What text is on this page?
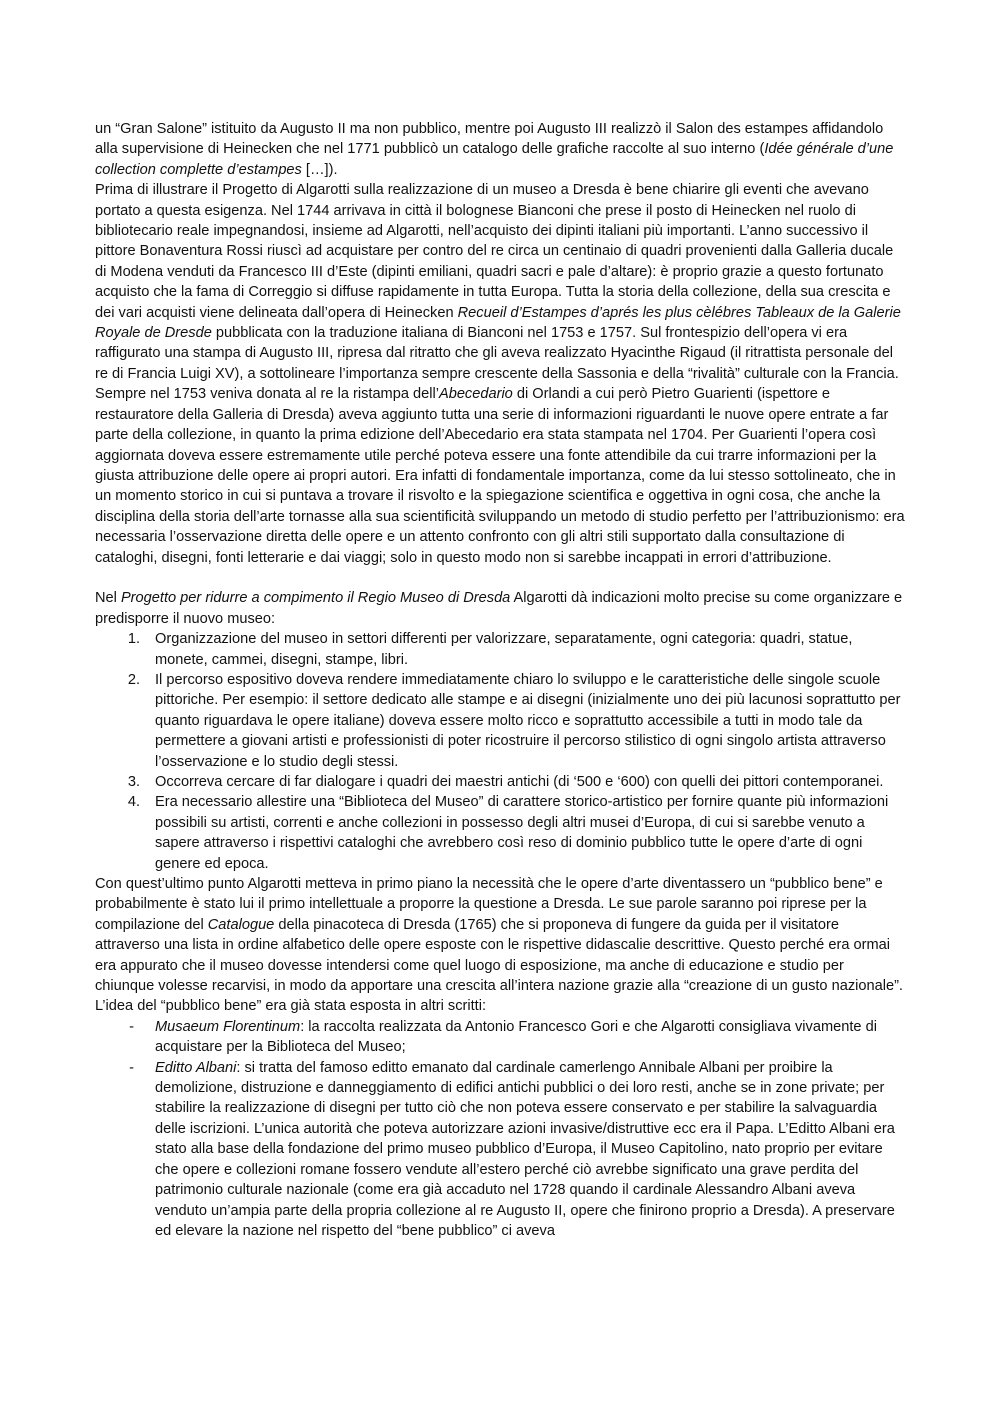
un “Gran Salone” istituito da Augusto II ma non pubblico, mentre poi Augusto III realizzò il Salon des estampes affidandolo alla supervisione di Heinecken che nel 1771 pubblicò un catalogo delle grafiche raccolte al suo interno (Idée générale d’une collection complette d’estampes […]).

Prima di illustrare il Progetto di Algarotti sulla realizzazione di un museo a Dresda è bene chiarire gli eventi che avevano portato a questa esigenza. Nel 1744 arrivava in città il bolognese Bianconi che prese il posto di Heinecken nel ruolo di bibliotecario reale impegnandosi, insieme ad Algarotti, nell’acquisto dei dipinti italiani più importanti. L’anno successivo il pittore Bonaventura Rossi riuscì ad acquistare per contro del re circa un centinaio di quadri provenienti dalla Galleria ducale di Modena venduti da Francesco III d’Este (dipinti emiliani, quadri sacri e pale d’altare): è proprio grazie a questo fortunato acquisto che la fama di Correggio si diffuse rapidamente in tutta Europa. Tutta la storia della collezione, della sua crescita e dei vari acquisti viene delineata dall’opera di Heinecken Recueil d’Estampes d’aprés les plus cèlébres Tableaux de la Galerie Royale de Dresde pubblicata con la traduzione italiana di Bianconi nel 1753 e 1757. Sul frontespizio dell’opera vi era raffigurato una stampa di Augusto III, ripresa dal ritratto che gli aveva realizzato Hyacinthe Rigaud (il ritrattista personale del re di Francia Luigi XV), a sottolineare l’importanza sempre crescente della Sassonia e della “rivalità” culturale con la Francia.

Sempre nel 1753 veniva donata al re la ristampa dell’Abecedario di Orlandi a cui però Pietro Guarienti (ispettore e restauratore della Galleria di Dresda) aveva aggiunto tutta una serie di informazioni riguardanti le nuove opere entrate a far parte della collezione, in quanto la prima edizione dell’Abecedario era stata stampata nel 1704. Per Guarienti l’opera così aggiornata doveva essere estremamente utile perché poteva essere una fonte attendibile da cui trarre informazioni per la giusta attribuzione delle opere ai propri autori. Era infatti di fondamentale importanza, come da lui stesso sottolineato, che in un momento storico in cui si puntava a trovare il risvolto e la spiegazione scientifica e oggettiva in ogni cosa, che anche la disciplina della storia dell’arte tornasse alla sua scientificità sviluppando un metodo di studio perfetto per l’attribuzionismo: era necessaria l’osservazione diretta delle opere e un attento confronto con gli altri stili supportato dalla consultazione di cataloghi, disegni, fonti letterarie e dai viaggi; solo in questo modo non si sarebbe incappati in errori d’attribuzione.

Nel Progetto per ridurre a compimento il Regio Museo di Dresda Algarotti dà indicazioni molto precise su come organizzare e predisporre il nuovo museo:

1. Organizzazione del museo in settori differenti per valorizzare, separatamente, ogni categoria: quadri, statue, monete, cammei, disegni, stampe, libri.
2. Il percorso espositivo doveva rendere immediatamente chiaro lo sviluppo e le caratteristiche delle singole scuole pittoriche. Per esempio: il settore dedicato alle stampe e ai disegni (inizialmente uno dei più lacunosi soprattutto per quanto riguardava le opere italiane) doveva essere molto ricco e soprattutto accessibile a tutti in modo tale da permettere a giovani artisti e professionisti di poter ricostruire il percorso stilistico di ogni singolo artista attraverso l’osservazione e lo studio degli stessi.
3. Occorreva cercare di far dialogare i quadri dei maestri antichi (di ‘500 e ‘600) con quelli dei pittori contemporanei.
4. Era necessario allestire una “Biblioteca del Museo” di carattere storico-artistico per fornire quante più informazioni possibili su artisti, correnti e anche collezioni in possesso degli altri musei d’Europa, di cui si sarebbe venuto a sapere attraverso i rispettivi cataloghi che avrebbero così reso di dominio pubblico tutte le opere d’arte di ogni genere ed epoca.

Con quest’ultimo punto Algarotti metteva in primo piano la necessità che le opere d’arte diventassero un “pubblico bene” e probabilmente è stato lui il primo intellettuale a proporre la questione a Dresda. Le sue parole saranno poi riprese per la compilazione del Catalogue della pinacoteca di Dresda (1765) che si proponeva di fungere da guida per il visitatore attraverso una lista in ordine alfabetico delle opere esposte con le rispettive didascalie descrittive. Questo perché era ormai era appurato che il museo dovesse intendersi come quel luogo di esposizione, ma anche di educazione e studio per chiunque volesse recarvisi, in modo da apportare una crescita all’intera nazione grazie alla “creazione di un gusto nazionale”. L’idea del “pubblico bene” era già stata esposta in altri scritti:

- Musaeum Florentinum: la raccolta realizzata da Antonio Francesco Gori e che Algarotti consigliava vivamente di acquistare per la Biblioteca del Museo;
- Editto Albani: si tratta del famoso editto emanato dal cardinale camerlengo Annibale Albani per proibire la demolizione, distruzione e danneggiamento di edifici antichi pubblici o dei loro resti, anche se in zone private; per stabilire la realizzazione di disegni per tutto ciò che non poteva essere conservato e per stabilire la salvaguardia delle iscrizioni. L’unica autorità che poteva autorizzare azioni invasive/distruttive ecc era il Papa. L’Editto Albani era stato alla base della fondazione del primo museo pubblico d’Europa, il Museo Capitolino, nato proprio per evitare che opere e collezioni romane fossero vendute all’estero perché ciò avrebbe significato una grave perdita del patrimonio culturale nazionale (come era già accaduto nel 1728 quando il cardinale Alessandro Albani aveva venduto un’ampia parte della propria collezione al re Augusto II, opere che finirono proprio a Dresda). A preservare ed elevare la nazione nel rispetto del “bene pubblico” ci aveva
